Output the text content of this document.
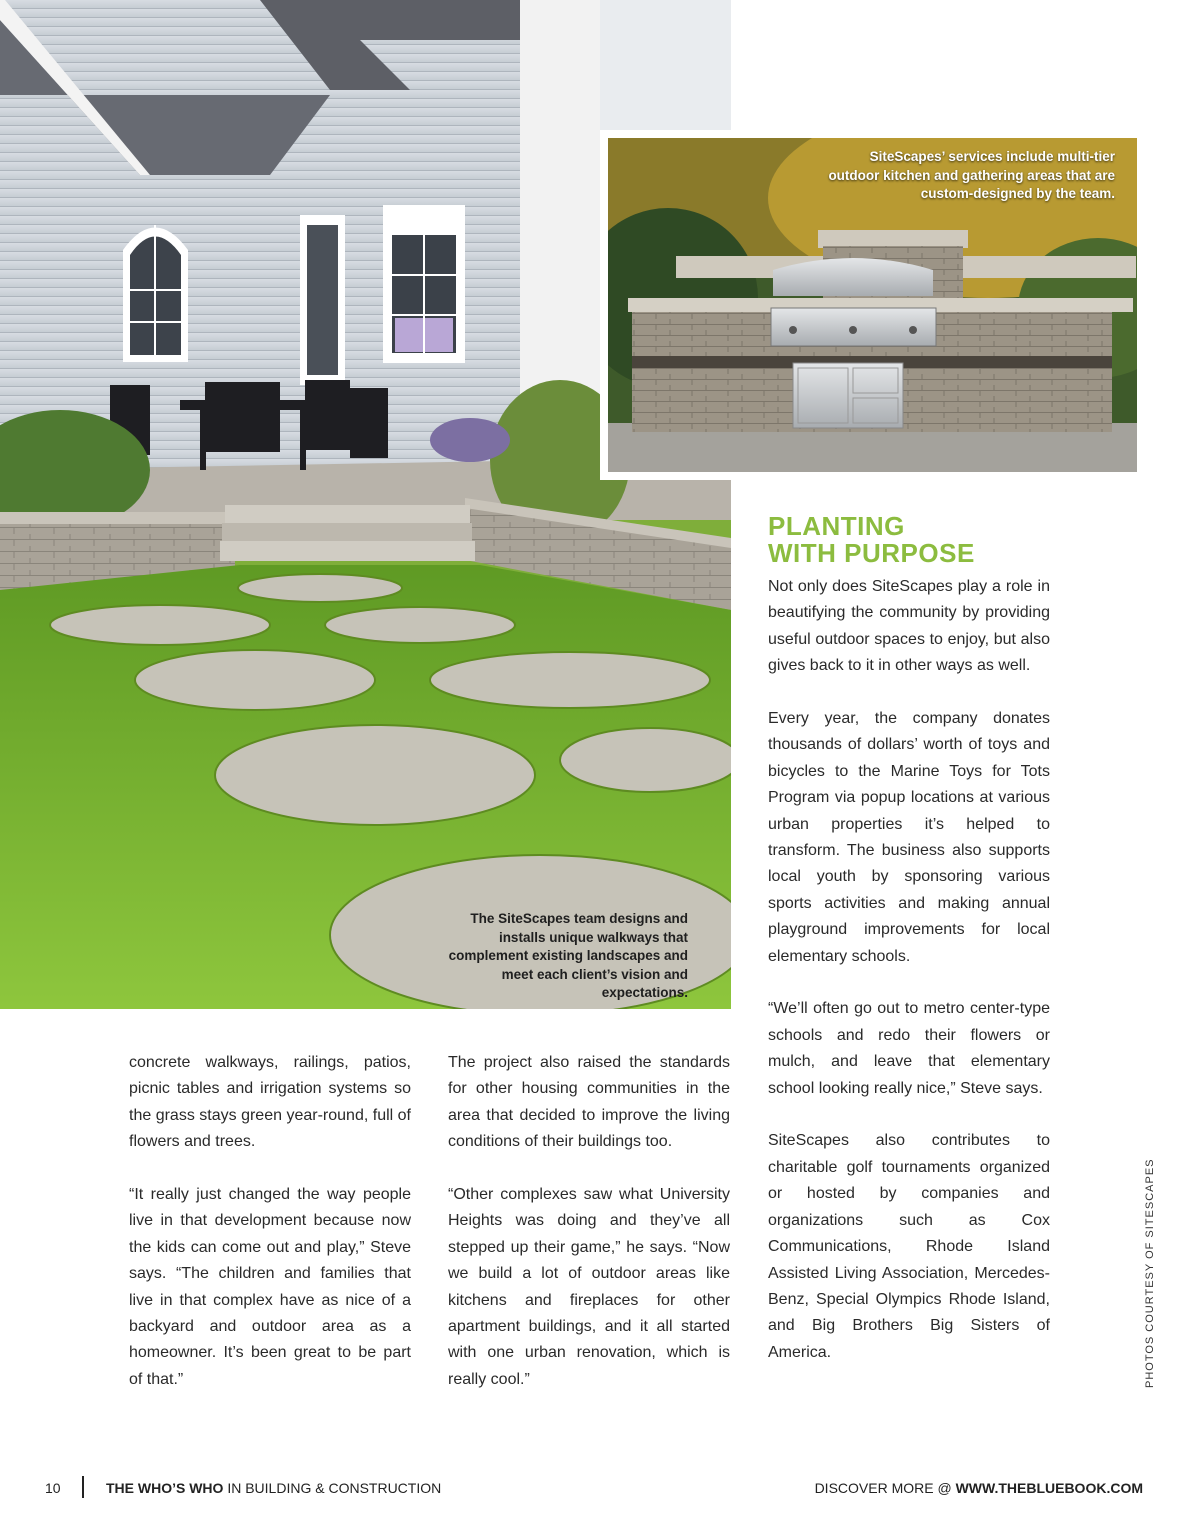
The SiteScapes team designs and installs unique walkways that complement existing landscapes and meet each client’s vision and expectations.
SiteScapes’ services include multi-tier outdoor kitchen and gathering areas that are custom-designed by the team.
PLANTING
WITH PURPOSE

Not only does SiteScapes play a role in beautifying the community by providing useful outdoor spaces to enjoy, but also gives back to it in other ways as well.

Every year, the company donates thousands of dollars’ worth of toys and bicycles to the Marine Toys for Tots Program via popup locations at various urban properties it’s helped to transform. The business also supports local youth by sponsoring various sports activities and making annual playground improvements for local elementary schools.

“We’ll often go out to metro center-type schools and redo their flowers or mulch, and leave that elementary school looking really nice,” Steve says.

SiteScapes also contributes to charitable golf tournaments organized or hosted by companies and organizations such as Cox Communications, Rhode Island Assisted Living Association, Mercedes-Benz, Special Olympics Rhode Island, and Big Brothers Big Sisters of America.

concrete walkways, railings, patios, picnic tables and irrigation systems so the grass stays green year-round, full of flowers and trees.

“It really just changed the way people live in that development because now the kids can come out and play,” Steve says. “The children and families that live in that complex have as nice of a backyard and outdoor area as a homeowner. It’s been great to be part of that.”

The project also raised the standards for other housing communities in the area that decided to improve the living conditions of their buildings too.

“Other complexes saw what University Heights was doing and they’ve all stepped up their game,” he says. “Now we build a lot of outdoor areas like kitchens and fireplaces for other apartment buildings, and it all started with one urban renovation, which is really cool.”	PHOTOS COURTESY OF SITESCAPES
10	THE WHO’S WHO IN BUILDING & CONSTRUCTION	DISCOVER MORE @ WWW.THEBLUEBOOK.COM
